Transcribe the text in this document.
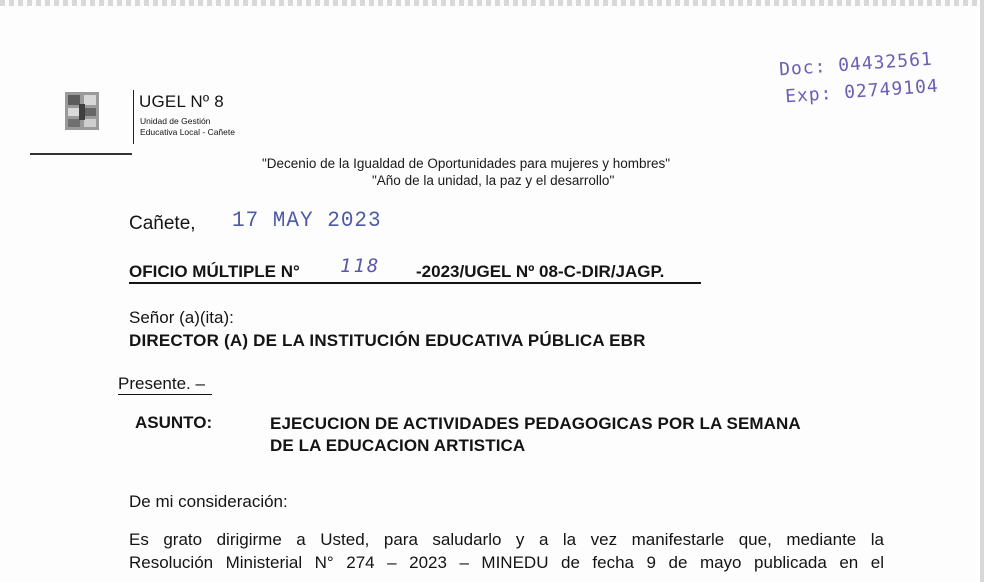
UGEL Nº 8
Unidad de Gestión
Educativa Local - Cañete
"Decenio de la Igualdad de Oportunidades para mujeres y hombres"
"Año de la unidad, la paz y el desarrollo"
Doc: 04432561
Exp: 02749104
Cañete, 17 MAY 2023
OFICIO MÚLTIPLE N° 118 -2023/UGEL Nº 08-C-DIR/JAGP.
Señor (a)(ita):
DIRECTOR (A) DE LA INSTITUCIÓN EDUCATIVA PÚBLICA EBR
Presente. –
ASUNTO:	EJECUCION DE ACTIVIDADES PEDAGOGICAS POR LA SEMANA
DE LA EDUCACION ARTISTICA
De mi consideración:
Es grato dirigirme a Usted, para saludarlo y a la vez manifestarle que, mediante la
Resolución Ministerial N° 274 – 2023 – MINEDU de fecha 9 de mayo publicada en el
